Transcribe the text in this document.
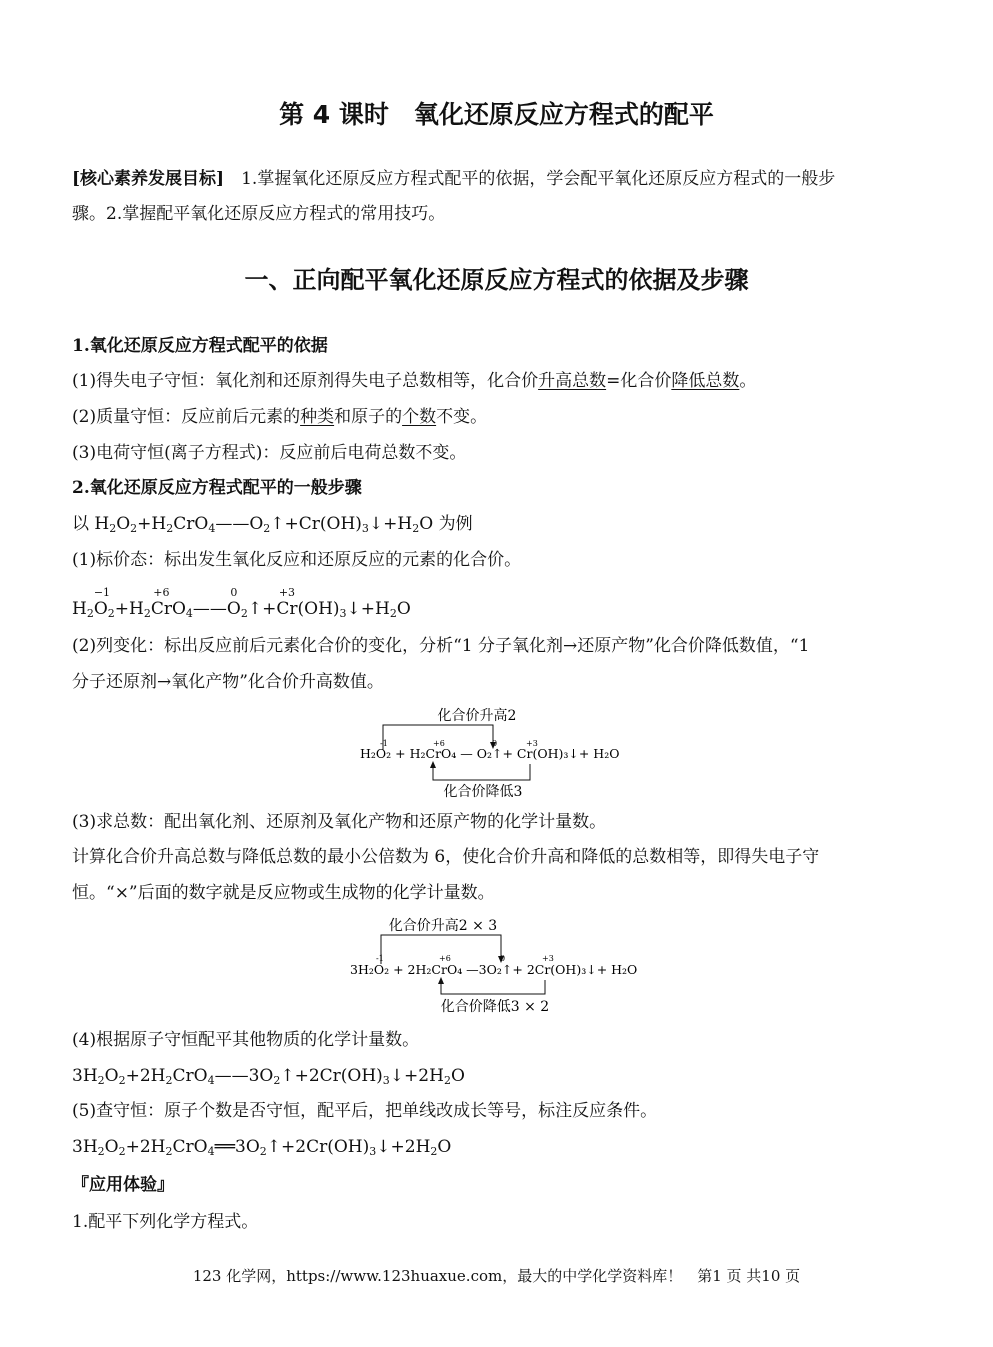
第 4 课时　氧化还原反应方程式的配平
[核心素养发展目标]　1.掌握氧化还原反应方程式配平的依据，学会配平氧化还原反应方程式的一般步
骤。2.掌握配平氧化还原反应方程式的常用技巧。
一、正向配平氧化还原反应方程式的依据及步骤
1.氧化还原反应方程式配平的依据
(1)得失电子守恒：氧化剂和还原剂得失电子总数相等，化合价升高总数=化合价降低总数。
(2)质量守恒：反应前后元素的种类和原子的个数不变。
(3)电荷守恒(离子方程式)：反应前后电荷总数不变。
2.氧化还原反应方程式配平的一般步骤
以 $H_2O_2+H_2CrO_4——O_2↑+Cr(OH)_3↓+H_2O$ 为例
(1)标价态：标出发生氧化反应和还原反应的元素的化合价。
$H_2$
−1
$O_2+H_2$
+6
CrO$_4$——
0
$O_2↑+$
+3
$Cr(OH)_3↓+H_2O$
(2)列变化：标出反应前后元素化合价的变化，分析“1 分子氧化剂→还原产物”化合价降低数值，“1
分子还原剂→氧化产物”化合价升高数值。
化合价升高2
H₂O₂ + H₂CrO₄ — O₂↑+ Cr(OH)₃↓+ H₂O
-1	+6	0	+3
化合价降低3
(3)求总数：配出氧化剂、还原剂及氧化产物和还原产物的化学计量数。
计算化合价升高总数与降低总数的最小公倍数为 6，使化合价升高和降低的总数相等，即得失电子守
恒。“×”后面的数字就是反应物或生成物的化学计量数。
化合价升高2 × 3
3H₂O₂ + 2H₂CrO₄ —3O₂↑+ 2Cr(OH)₃↓+ H₂O
-1	+6	0	+3
化合价降低3 × 2
(4)根据原子守恒配平其他物质的化学计量数。
$3H_2O_2+2H_2CrO_4——3O_2↑+2Cr(OH)_3↓+2H_2O$
(5)查守恒：原子个数是否守恒，配平后，把单线改成长等号，标注反应条件。
$3H_2O_2+2H_2CrO_4══3O_2↑+2Cr(OH)_3↓+2H_2O$
『应用体验』
1.配平下列化学方程式。
123 化学网，https://www.123huaxue.com，最大的中学化学资料库！　第1 页 共10 页
